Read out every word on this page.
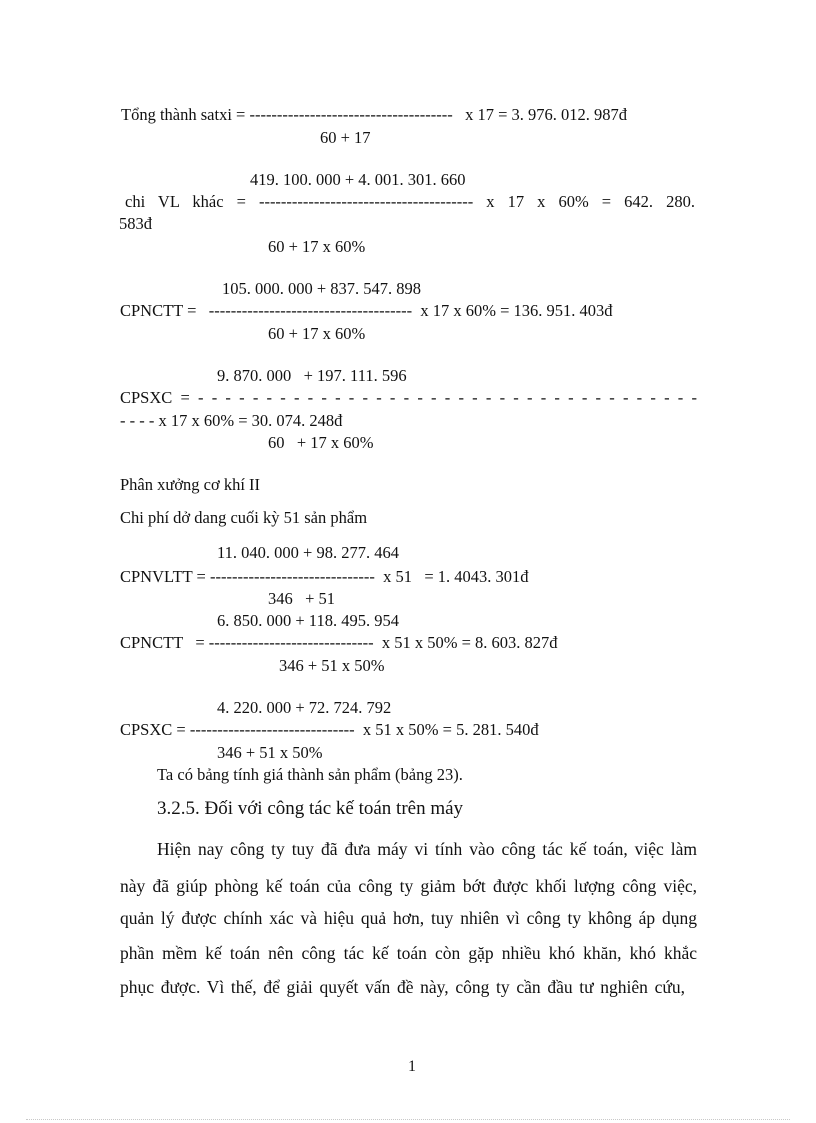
Tổng thành satxi = -------------------------------------   x 17 = 3. 976. 012. 987đ
60 + 17
419. 100. 000 + 4. 001. 301. 660
chi VL khác = --------------------------------------- x 17 x 60% = 642. 280.
583đ
60 + 17 x 60%
105. 000. 000 + 837. 547. 898
CPNCTT =   -------------------------------------  x 17 x 60% = 136. 951. 403đ
60 + 17 x 60%
9. 870. 000   + 197. 111. 596
CPSXC = - - - - - - - - - - - - - - - - - - - - - - - - - - - - - - - - - - - - -
- - - - x 17 x 60% = 30. 074. 248đ
60   + 17 x 60%
Phân xưởng cơ khí II
Chi phí dở dang cuối kỳ 51 sản phẩm
11. 040. 000 + 98. 277. 464
CPNVLTT = ------------------------------  x 51   = 1. 4043. 301đ
346   + 51
6. 850. 000 + 118. 495. 954
CPNCTT   = ------------------------------  x 51 x 50% = 8. 603. 827đ
346 + 51 x 50%
4. 220. 000 + 72. 724. 792
CPSXC = ------------------------------  x 51 x 50% = 5. 281. 540đ
346 + 51 x 50%
Ta có bảng tính giá thành sản phẩm (bảng 23).
3.2.5. Đối với công tác kế toán trên máy
Hiện nay công ty tuy đã đưa máy vi tính vào công tác kế toán, việc làm
này đã giúp phòng kế toán của công ty giảm bớt được khối lượng công việc,
quản lý được chính xác và hiệu quả hơn, tuy nhiên vì công ty không áp dụng
phần mềm kế toán nên công tác kế toán còn gặp nhiều khó khăn, khó khắc
phục được. Vì thế, để giải quyết vấn đề này, công ty cần đầu tư nghiên cứu,
1
